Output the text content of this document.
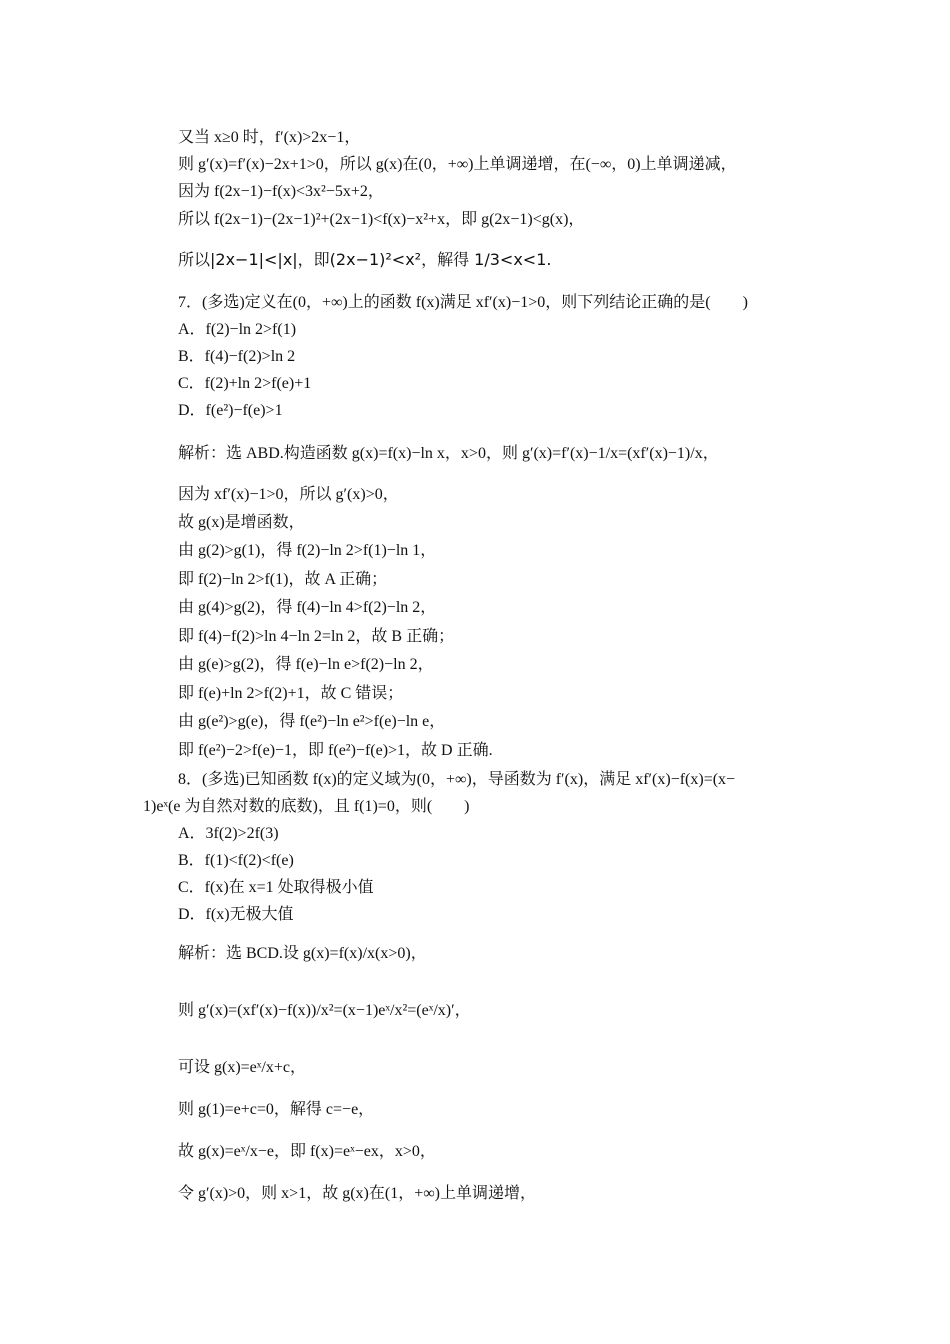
又当 x≥0 时，f′(x)>2x−1，
则 g′(x)=f′(x)−2x+1>0，所以 g(x)在(0，+∞)上单调递增，在(−∞，0)上单调递减，
因为 f(2x−1)−f(x)<3x²−5x+2，
所以 f(2x−1)−(2x−1)²+(2x−1)<f(x)−x²+x，即 g(2x−1)<g(x)，
所以|2x−1|<|x|，即(2x−1)²<x²，解得 1/3<x<1.
7．(多选)定义在(0，+∞)上的函数 f(x)满足 xf′(x)−1>0，则下列结论正确的是(　　)
A．f(2)−ln 2>f(1)
B．f(4)−f(2)>ln 2
C．f(2)+ln 2>f(e)+1
D．f(e²)−f(e)>1
解析：选 ABD.构造函数 g(x)=f(x)−ln x，x>0，则 g′(x)=f′(x)−1/x=(xf′(x)−1)/x，
因为 xf′(x)−1>0，所以 g′(x)>0，
故 g(x)是增函数，
由 g(2)>g(1)，得 f(2)−ln 2>f(1)−ln 1，
即 f(2)−ln 2>f(1)，故 A 正确；
由 g(4)>g(2)，得 f(4)−ln 4>f(2)−ln 2，
即 f(4)−f(2)>ln 4−ln 2=ln 2，故 B 正确；
由 g(e)>g(2)，得 f(e)−ln e>f(2)−ln 2，
即 f(e)+ln 2>f(2)+1，故 C 错误；
由 g(e²)>g(e)，得 f(e²)−ln e²>f(e)−ln e，
即 f(e²)−2>f(e)−1，即 f(e²)−f(e)>1，故 D 正确.
8．(多选)已知函数 f(x)的定义域为(0，+∞)，导函数为 f′(x)，满足 xf′(x)−f(x)=(x−
1)eˣ(e 为自然对数的底数)，且 f(1)=0，则(　　)
A．3f(2)>2f(3)
B．f(1)<f(2)<f(e)
C．f(x)在 x=1 处取得极小值
D．f(x)无极大值
解析：选 BCD.设 g(x)=f(x)/x(x>0)，
则 g′(x)=(xf′(x)−f(x))/x²=(x−1)eˣ/x²=(eˣ/x)′，
可设 g(x)=eˣ/x+c，
则 g(1)=e+c=0，解得 c=−e，
故 g(x)=eˣ/x−e，即 f(x)=eˣ−ex，x>0，
令 g′(x)>0，则 x>1，故 g(x)在(1，+∞)上单调递增，
